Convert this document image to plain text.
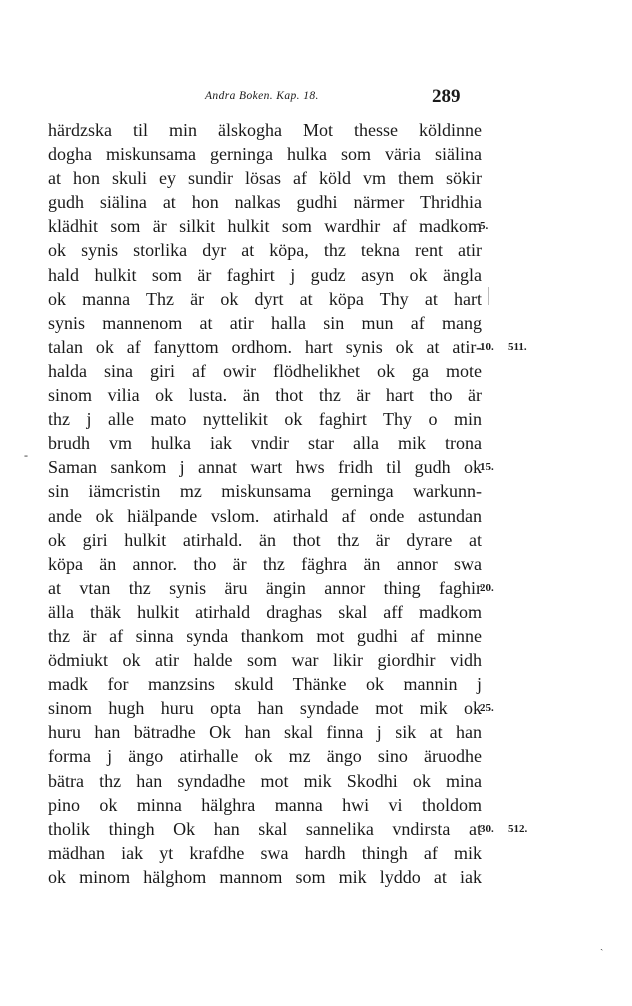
Andra Boken. Kap. 18.	289
härdzska til min älskogha Mot thesse köldinne
dogha miskunsama gerninga hulka som väria siälina
at hon skuli ey sundir lösas af köld vm them sökir
gudh siälina at hon nalkas gudhi närmer Thridhia
klädhit som är silkit hulkit som wardhir af madkom
5.
ok synis storlika dyr at köpa, thz tekna rent atir
hald hulkit som är faghirt j gudz asyn ok ängla
ok manna Thz är ok dyrt at köpa Thy at hart
synis mannenom at atir halla sin mun af mang
talan ok af fanyttom ordhom. hart synis ok at atir-
10. 511.
halda sina giri af owir flödhelikhet ok ga mote
sinom vilia ok lusta. än thot thz är hart tho är
thz j alle mato nyttelikit ok faghirt Thy o min
brudh vm hulka iak vndir star alla mik trona
Saman sankom j annat wart hws fridh til gudh ok
15.
sin iämcristin mz miskunsama gerninga warkunn-
ande ok hiälpande vslom. atirhald af onde astundan
ok giri hulkit atirhald. än thot thz är dyrare at
köpa än annor. tho är thz fäghra än annor swa
at vtan thz synis äru ängin annor thing faghir
20.
älla thäk hulkit atirhald draghas skal aff madkom
thz är af sinna synda thankom mot gudhi af minne
ödmiukt ok atir halde som war likir giordhir vidh
madk for manzsins skuld Thänke ok mannin j
sinom hugh huru opta han syndade mot mik ok
25.
huru han bätradhe Ok han skal finna j sik at han
forma j ängo atirhalle ok mz ängo sino äruodhe
bätra thz han syndadhe mot mik Skodhi ok mina
pino ok minna hälghra manna hwi vi tholdom
tholik thingh Ok han skal sannelika vndirsta at
30. 512.
mädhan iak yt krafdhe swa hardh thingh af mik
ok minom hälghom mannom som mik lyddo at iak
-
ˏ
